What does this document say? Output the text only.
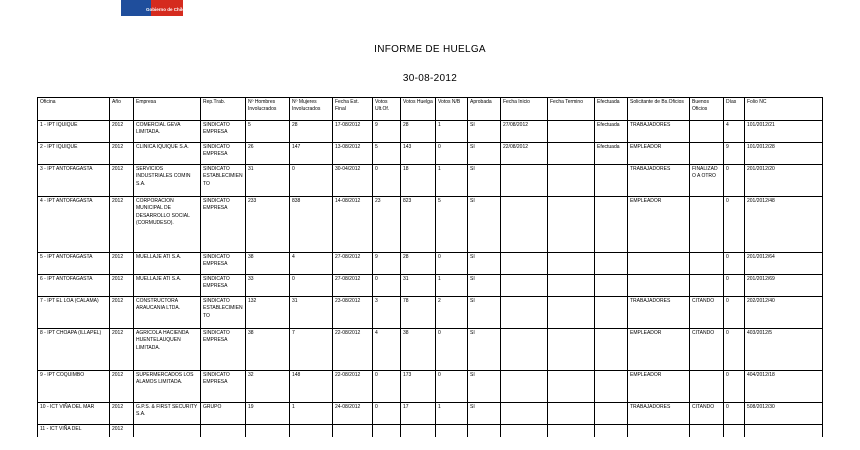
Gobierno de Chile
INFORME DE HUELGA
30-08-2012
Oficina	Año	Empresa	Rep.Trab.	Nº Hombres Involucrados	Nº Mujeres Involucrados	Fecha Est. Final	Votos Ult.Of.	Votos Huelga	Votos N/B	Aprobada	Fecha Inicio	Fecha Termino	Efectuada	Solicitante de Bs.Oficios	Buenos Oficios	Días	Folio NC
1 - IPT IQUIQUE	2012	COMERCIAL GEVA LIMITADA.	SINDICATO EMPRESA	5	28	17-08/2012	9	28	1	SI	27/08/2012		Efectuada	TRABAJADORES		4	101/2012/21
2 - IPT IQUIQUE	2012	CLINICA IQUIQUE S.A.	SINDICATO EMPRESA	26	147	13-08/2012	5	143	0	SI	22/08/2012		Efectuada	EMPLEADOR		9	101/2012/28
3 - IPT ANTOFAGASTA	2012	SERVICIOS INDUSTRIALES COMIN S.A.	SINDICATO ESTABLECIMIENTO	31	0	30-04/2012	0	18	1	SI				TRABAJADORES	FINALIZADO A OTRO	0	201/2012/20
4 - IPT ANTOFAGASTA	2012	CORPORACION MUNICIPAL DE DESARROLLO SOCIAL (CORMUDESO).	SINDICATO EMPRESA	233	838	14-08/2012	23	823	5	SI				EMPLEADOR		0	201/2012/48
5 - IPT ANTOFAGASTA	2012	MUELLAJE ATI S.A.	SINDICATO EMPRESA	38	4	27-08/2012	9	28	0	SI						0	201/2012/64
6 - IPT ANTOFAGASTA	2012	MUELLAJE ATI S.A.	SINDICATO EMPRESA	33	0	27-08/2012	0	31	1	SI						0	201/2012/69
7 - IPT EL LOA (CALAMA)	2012	CONSTRUCTORA ARAUCANIA LTDA.	SINDICATO ESTABLECIMIENTO	132	31	23-08/2012	3	78	2	SI				TRABAJADORES	CITANDO	0	202/2012/40
8 - IPT CHOAPA (ILLAPEL)	2012	AGRICOLA HACIENDA HUENTELAUQUEN LIMITADA.	SINDICATO EMPRESA	38	7	22-08/2012	4	38	0	SI				EMPLEADOR	CITANDO	0	403/2012/5
9 - IPT COQUIMBO	2012	SUPERMERCADOS LOS ALAMOS LIMITADA.	SINDICATO EMPRESA	32	148	22-08/2012	0	173	0	SI				EMPLEADOR		0	404/2012/18
10 - ICT VIÑA DEL MAR	2012	G.P.S. & FIRST SECURITY S.A.	GRUPO	19	1	24-08/2012	0	17	1	SI				TRABAJADORES	CITANDO	0	508/2012/30
11 - ICT VIÑA DEL	2012																
